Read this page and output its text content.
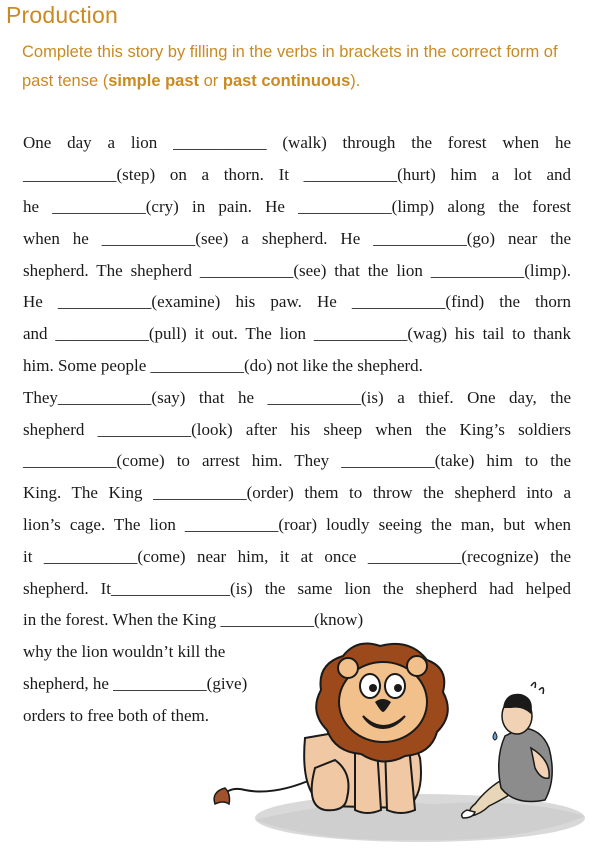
Production
Complete this story by filling in the verbs in brackets in the correct form of past tense (simple past or past continuous).
One day a lion ___________ (walk) through the forest when he
___________(step) on a thorn. It ___________(hurt) him a lot and
he ___________(cry) in pain. He ___________(limp) along the forest
when he ___________(see) a shepherd. He ___________(go) near the
shepherd. The shepherd ___________(see) that the lion ___________(limp).
He ___________(examine) his paw. He ___________(find) the thorn
and ___________(pull) it out. The lion ___________(wag) his tail to thank
him. Some people ___________(do) not like the shepherd.
They___________(say) that he ___________(is) a thief. One day, the
shepherd ___________(look) after his sheep when the King’s soldiers
___________(come) to arrest him. They ___________(take) him to the
King. The King ___________(order) them to throw the shepherd into a
lion’s cage. The lion ___________(roar) loudly seeing the man, but when
it ___________(come) near him, it at once ___________(recognize) the
shepherd. It______________(is) the same lion the shepherd had helped
in the forest. When the King ___________(know)
why the lion wouldn’t kill the
shepherd, he ___________(give)
orders to free both of them.
